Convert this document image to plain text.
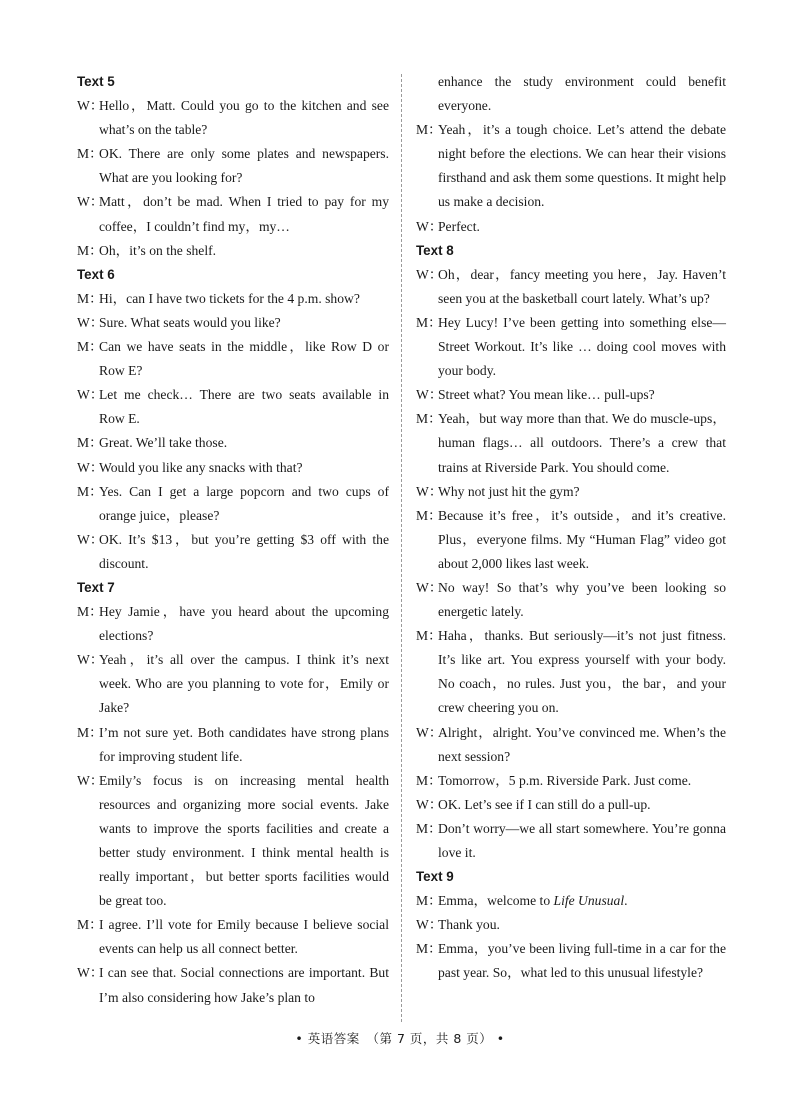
Text 5
W：
Hello，Matt. Could you go to the kitchen and see what’s on the table?
M：
OK. There are only some plates and newspapers. What are you looking for?
W：
Matt，don’t be mad. When I tried to pay for my coffee，I couldn’t find my，my…
M：
Oh，it’s on the shelf.
Text 6
M：
Hi，can I have two tickets for the 4 p.m. show?
W：
Sure. What seats would you like?
M：
Can we have seats in the middle，like Row D or Row E?
W：
Let me check… There are two seats available in Row E.
M：
Great. We’ll take those.
W：
Would you like any snacks with that?
M：
Yes. Can I get a large popcorn and two cups of orange juice，please?
W：
OK. It’s $13，but you’re getting $3 off with the discount.
Text 7
M：
Hey Jamie，have you heard about the upcoming elections?
W：
Yeah，it’s all over the campus. I think it’s next week. Who are you planning to vote for，Emily or Jake?
M：
I’m not sure yet. Both candidates have strong plans for improving student life.
W：
Emily’s focus is on increasing mental health resources and organizing more social events. Jake wants to improve the sports facilities and create a better study environment. I think mental health is really important，but better sports facilities would be great too.
M：
I agree. I’ll vote for Emily because I believe social events can help us all connect better.
W：
I can see that. Social connections are important. But I’m also considering how Jake’s plan to
enhance the study environment could benefit everyone.
M：
Yeah，it’s a tough choice. Let’s attend the debate night before the elections. We can hear their visions firsthand and ask them some questions. It might help us make a decision.
W：
Perfect.
Text 8
W：
Oh，dear，fancy meeting you here，Jay. Haven’t seen you at the basketball court lately. What’s up?
M：
Hey Lucy! I’ve been getting into something else—Street Workout. It’s like … doing cool moves with your body.
W：
Street what? You mean like… pull-ups?
M：
Yeah，but way more than that. We do muscle-ups，human flags… all outdoors. There’s a crew that trains at Riverside Park. You should come.
W：
Why not just hit the gym?
M：
Because it’s free，it’s outside，and it’s creative. Plus，everyone films. My “Human Flag” video got about 2,000 likes last week.
W：
No way! So that’s why you’ve been looking so energetic lately.
M：
Haha，thanks. But seriously—it’s not just fitness. It’s like art. You express yourself with your body. No coach，no rules. Just you，the bar，and your crew cheering you on.
W：
Alright，alright. You’ve convinced me. When’s the next session?
M：
Tomorrow，5 p.m. Riverside Park. Just come.
W：
OK. Let’s see if I can still do a pull-up.
M：
Don’t worry—we all start somewhere. You’re gonna love it.
Text 9
M：
Emma，welcome to Life Unusual.
W：
Thank you.
M：
Emma，you’ve been living full-time in a car for the past year. So，what led to this unusual lifestyle?
• 英语答案　（第 7 页，共 8 页） •
